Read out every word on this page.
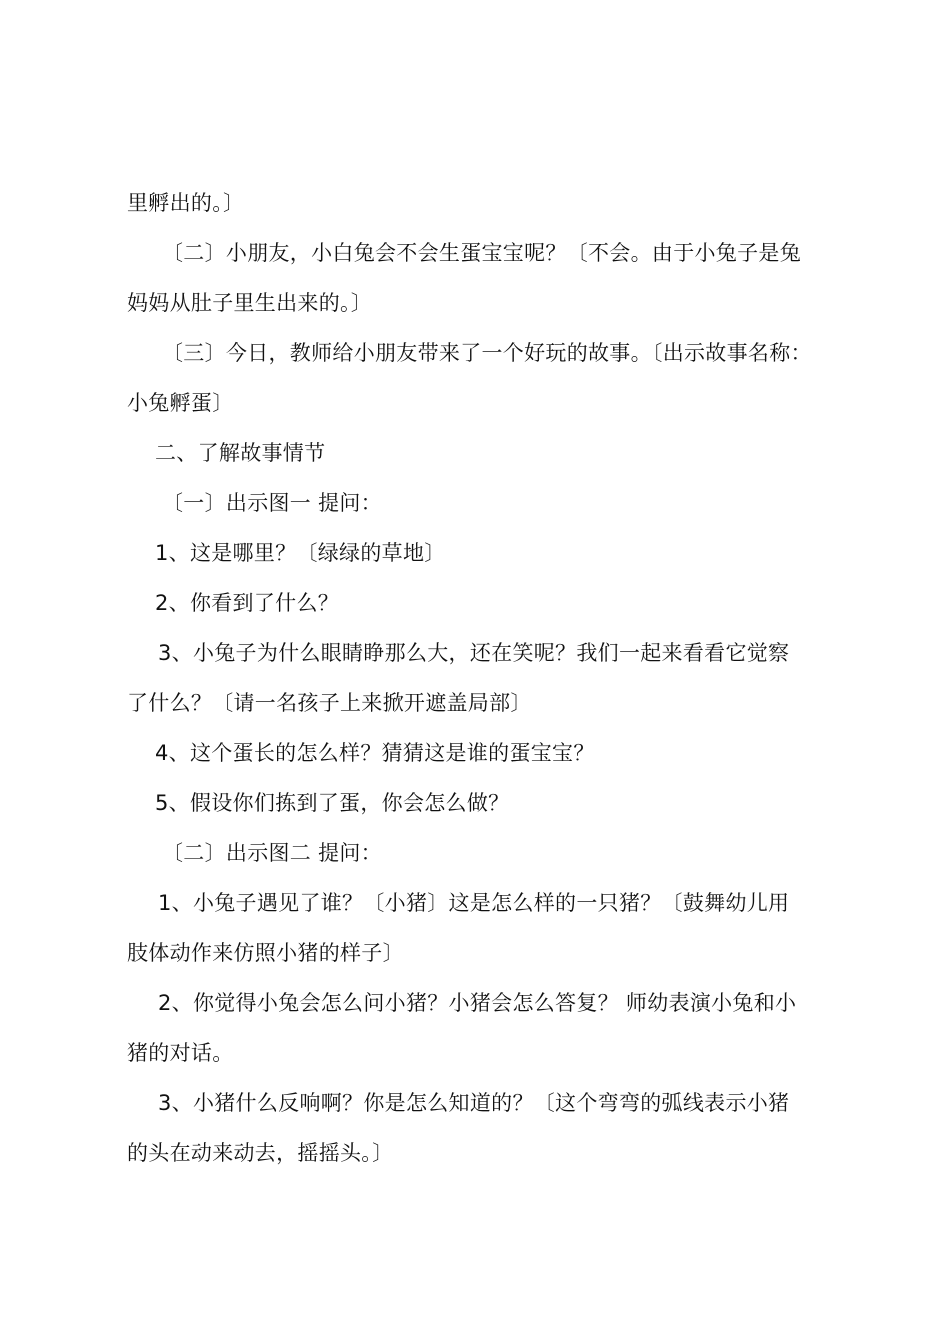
里孵出的。〕
〔二〕小朋友，小白兔会不会生蛋宝宝呢？〔不会。由于小兔子是兔
妈妈从肚子里生出来的。〕
〔三〕今日，教师给小朋友带来了一个好玩的故事。〔出示故事名称：
小兔孵蛋〕
二、了解故事情节
〔一〕出示图一 提问：
1、这是哪里？〔绿绿的草地〕
2、你看到了什么？
3、小兔子为什么眼睛睁那么大，还在笑呢？我们一起来看看它觉察
了什么？〔请一名孩子上来掀开遮盖局部〕
4、这个蛋长的怎么样？猜猜这是谁的蛋宝宝？
5、假设你们拣到了蛋，你会怎么做？
〔二〕出示图二 提问：
1、小兔子遇见了谁？〔小猪〕这是怎么样的一只猪？〔鼓舞幼儿用
肢体动作来仿照小猪的样子〕
2、你觉得小兔会怎么问小猪？小猪会怎么答复？ 师幼表演小兔和小
猪的对话。
3、小猪什么反响啊？你是怎么知道的？〔这个弯弯的弧线表示小猪
的头在动来动去，摇摇头。〕
